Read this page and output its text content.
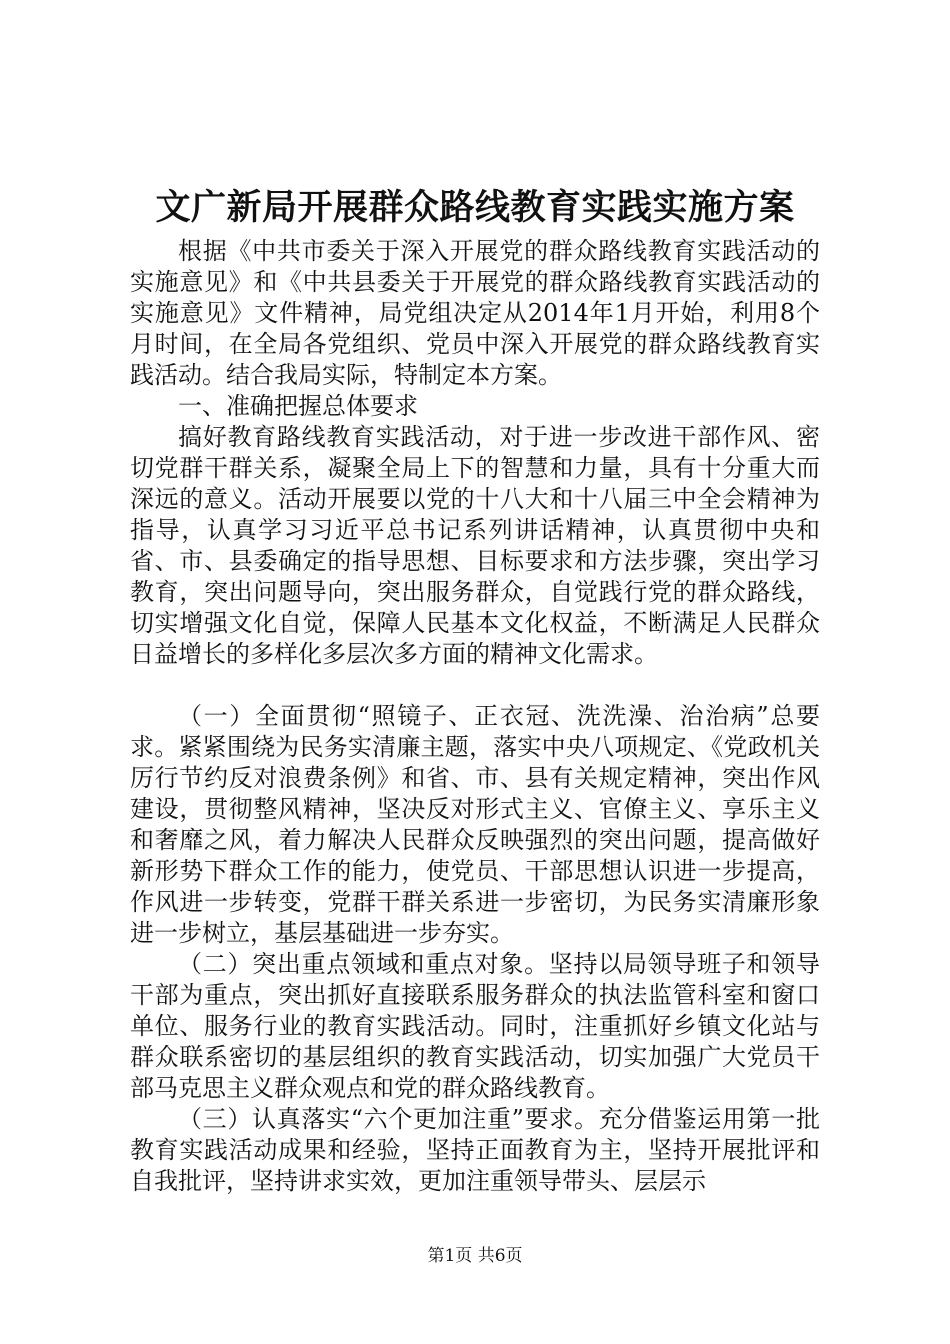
文广新局开展群众路线教育实践实施方案

根据《中共市委关于深入开展党的群众路线教育实践活动的实施意见》和《中共县委关于开展党的群众路线教育实践活动的实施意见》文件精神，局党组决定从2014年1月开始，利用8个月时间，在全局各党组织、党员中深入开展党的群众路线教育实践活动。结合我局实际，特制定本方案。

一、准确把握总体要求

搞好教育路线教育实践活动，对于进一步改进干部作风、密切党群干群关系，凝聚全局上下的智慧和力量，具有十分重大而深远的意义。活动开展要以党的十八大和十八届三中全会精神为指导，认真学习习近平总书记系列讲话精神，认真贯彻中央和省、市、县委确定的指导思想、目标要求和方法步骤，突出学习教育，突出问题导向，突出服务群众，自觉践行党的群众路线，切实增强文化自觉，保障人民基本文化权益，不断满足人民群众日益增长的多样化多层次多方面的精神文化需求。

（一）全面贯彻“照镜子、正衣冠、洗洗澡、治治病”总要求。紧紧围绕为民务实清廉主题，落实中央八项规定、《党政机关厉行节约反对浪费条例》和省、市、县有关规定精神，突出作风建设，贯彻整风精神，坚决反对形式主义、官僚主义、享乐主义和奢靡之风，着力解决人民群众反映强烈的突出问题，提高做好新形势下群众工作的能力，使党员、干部思想认识进一步提高，作风进一步转变，党群干群关系进一步密切，为民务实清廉形象进一步树立，基层基础进一步夯实。

（二）突出重点领域和重点对象。坚持以局领导班子和领导干部为重点，突出抓好直接联系服务群众的执法监管科室和窗口单位、服务行业的教育实践活动。同时，注重抓好乡镇文化站与群众联系密切的基层组织的教育实践活动，切实加强广大党员干部马克思主义群众观点和党的群众路线教育。

（三）认真落实“六个更加注重”要求。充分借鉴运用第一批教育实践活动成果和经验，坚持正面教育为主，坚持开展批评和自我批评，坚持讲求实效，更加注重领导带头、层层示

第1页 共6页
